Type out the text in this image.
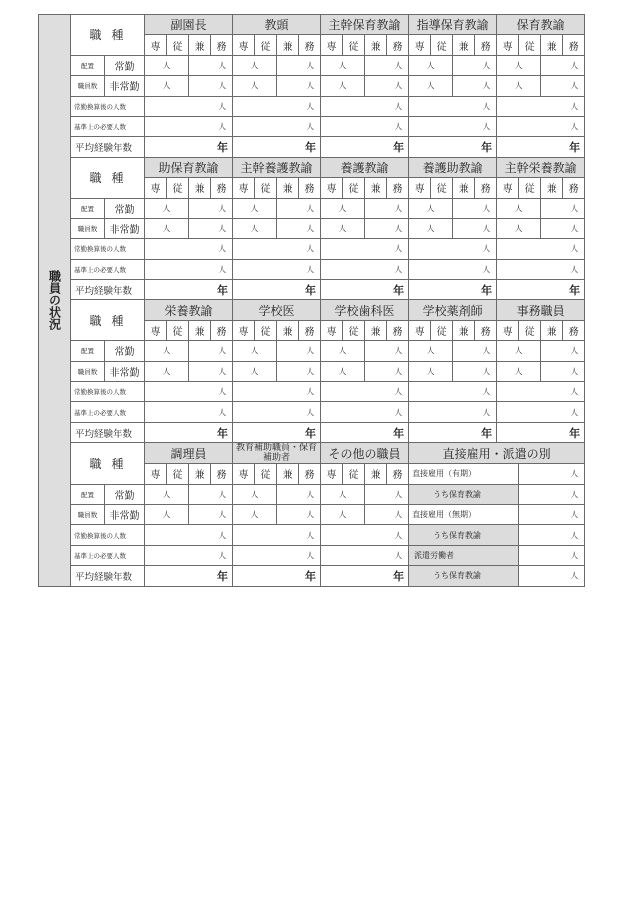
職員の状況	職種		副園長				教頭				主幹保育教諭				指導保育教諭				保育教諭			
			専	従	兼	務	専	従	兼	務	専	従	兼	務	専	従	兼	務	専	従	兼	務
	配置	常勤	人		人		人		人		人		人		人		人		人		人	
	職員数	非常勤	人		人		人		人		人		人		人		人		人		人	
	常勤換算後の人数		人				人				人				人				人			
	基準上の必要人数		人				人				人				人				人			
	平均経験年数		年				年				年				年				年			
	職種		助保育教諭				主幹養護教諭				養護教諭				養護助教諭				主幹栄養教諭			
			専	従	兼	務	専	従	兼	務	専	従	兼	務	専	従	兼	務	専	従	兼	務
	配置	常勤	人		人		人		人		人		人		人		人		人		人	
	職員数	非常勤	人		人		人		人		人		人		人		人		人		人	
	常勤換算後の人数		人				人				人				人				人			
	基準上の必要人数		人				人				人				人				人			
	平均経験年数		年				年				年				年				年			
	職種		栄養教諭				学校医				学校歯科医				学校薬剤師				事務職員			
			専	従	兼	務	専	従	兼	務	専	従	兼	務	専	従	兼	務	専	従	兼	務
	配置	常勤	人		人		人		人		人		人		人		人		人		人	
	職員数	非常勤	人		人		人		人		人		人		人		人		人		人	
	常勤換算後の人数		人				人				人				人				人			
	基準上の必要人数		人				人				人				人				人			
	平均経験年数		年				年				年				年				年			
	職種		調理員				教育補助職員・保育補助者				その他の職員				直接雇用・派遣の別							
			専	従	兼	務	専	従	兼	務	専	従	兼	務	直接雇用（有期）					人		
	配置	常勤	人		人		人		人		人		人		うち保育教諭					人		
	職員数	非常勤	人		人		人		人		人		人		直接雇用（無期）					人		
	常勤換算後の人数		人				人				人				うち保育教諭					人		
	基準上の必要人数		人				人				人				派遣労働者					人		
	平均経験年数		年				年				年				うち保育教諭					人		
